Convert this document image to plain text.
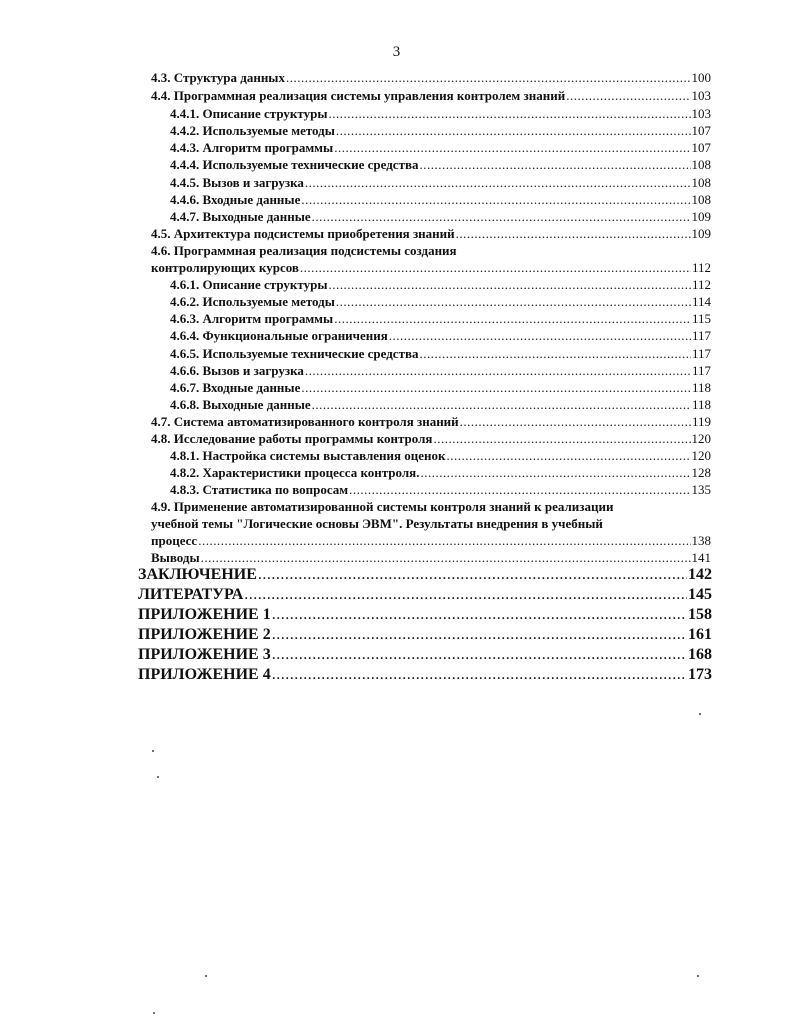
3
4.3. Структура данных .....	100
4.4. Программная реализация системы управления контролем знаний .....	103
4.4.1. Описание структуры .....	103
4.4.2. Используемые методы .....	107
4.4.3. Алгоритм программы .....	107
4.4.4. Используемые технические средства .....	108
4.4.5. Вызов и загрузка .....	108
4.4.6. Входные данные .....	108
4.4.7. Выходные данные .....	109
4.5. Архитектура подсистемы приобретения знаний .....	109
4.6. Программная реализация подсистемы создания
контролирующих курсов .....	112
4.6.1. Описание структуры .....	112
4.6.2. Используемые методы .....	114
4.6.3. Алгоритм программы .....	115
4.6.4. Функциональные ограничения .....	117
4.6.5. Используемые технические средства .....	117
4.6.6. Вызов и загрузка .....	117
4.6.7. Входные данные .....	118
4.6.8. Выходные данные .....	118
4.7. Система автоматизированного контроля знаний .....	119
4.8. Исследование работы программы контроля .....	120
4.8.1. Настройка системы выставления оценок .....	120
4.8.2. Характеристики процесса контроля. .....	128
4.8.3. Статистика по вопросам .....	135
4.9. Применение автоматизированной системы контроля знаний к реализации
учебной темы "Логические основы ЭВМ". Результаты внедрения в учебный
процесс .....	138
Выводы .....	141
ЗАКЛЮЧЕНИЕ .....	142
ЛИТЕРАТУРА .....	145
ПРИЛОЖЕНИЕ 1 .....	158
ПРИЛОЖЕНИЕ 2 .....	161
ПРИЛОЖЕНИЕ 3 .....	168
ПРИЛОЖЕНИЕ 4 .....	173
